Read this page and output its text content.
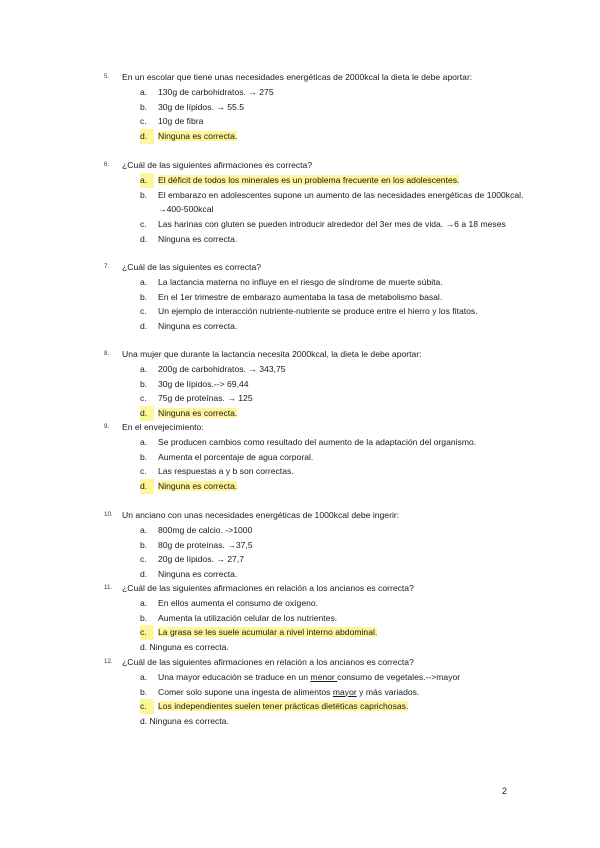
5.	En un escolar que tiene unas necesidades energéticas de 2000kcal la dieta le debe aportar:
a.	130g de carbohidratos. → 275
b.	30g de lípidos. → 55.5
c.	10g de fibra
d.	Ninguna es correcta.
6.	¿Cuál de las siguientes afirmaciones es correcta?
a.	El déficit de todos los minerales es un problema frecuente en los adolescentes.
b.	El embarazo en adolescentes supone un aumento de las necesidades energéticas de 1000kcal. →400-500kcal
c.	Las harinas con gluten se pueden introducir alrededor del 3er mes de vida. →6 a 18 meses
d.	Ninguna es correcta.
7.	¿Cuál de las siguientes es correcta?
a.	La lactancia materna no influye en el riesgo de síndrome de muerte súbita.
b.	En el 1er trimestre de embarazo aumentaba la tasa de metabolismo basal.
c.	Un ejemplo de interacción nutriente-nutriente se produce entre el hierro y los fitatos.
d.	Ninguna es correcta.
8.	Una mujer que durante la lactancia necesita 2000kcal, la dieta le debe aportar:
a.	200g de carbohidratos. → 343,75
b.	30g de lípidos.--> 69,44
c.	75g de proteínas. → 125
d.	Ninguna es correcta.
9.	En el envejecimiento:
a.	Se producen cambios como resultado del aumento de la adaptación del organismo.
b.	Aumenta el porcentaje de agua corporal.
c.	Las respuestas a y b son correctas.
d.	Ninguna es correcta.
10.	Un anciano con unas necesidades energéticas de 1000kcal debe ingerir:
a.	800mg de calcio. ->1000
b.	80g de proteínas. →37,5
c.	20g de lípidos. → 27,7
d.	Ninguna es correcta.
11.	¿Cuál de las siguientes afirmaciones en relación a los ancianos es correcta?
a.	En ellos aumenta el consumo de oxígeno.
b.	Aumenta la utilización celular de los nutrientes.
c.	La grasa se les suele acumular a nivel interno abdominal.
d. Ninguna es correcta.
12.	¿Cuál de las siguientes afirmaciones en relación a los ancianos es correcta?
a.	Una mayor educación se traduce en un menor consumo de vegetales.-->mayor
b.	Comer solo supone una ingesta de alimentos mayor y más variados.
c.	Los independientes suelen tener prácticas dietéticas caprichosas.
d. Ninguna es correcta.
2
